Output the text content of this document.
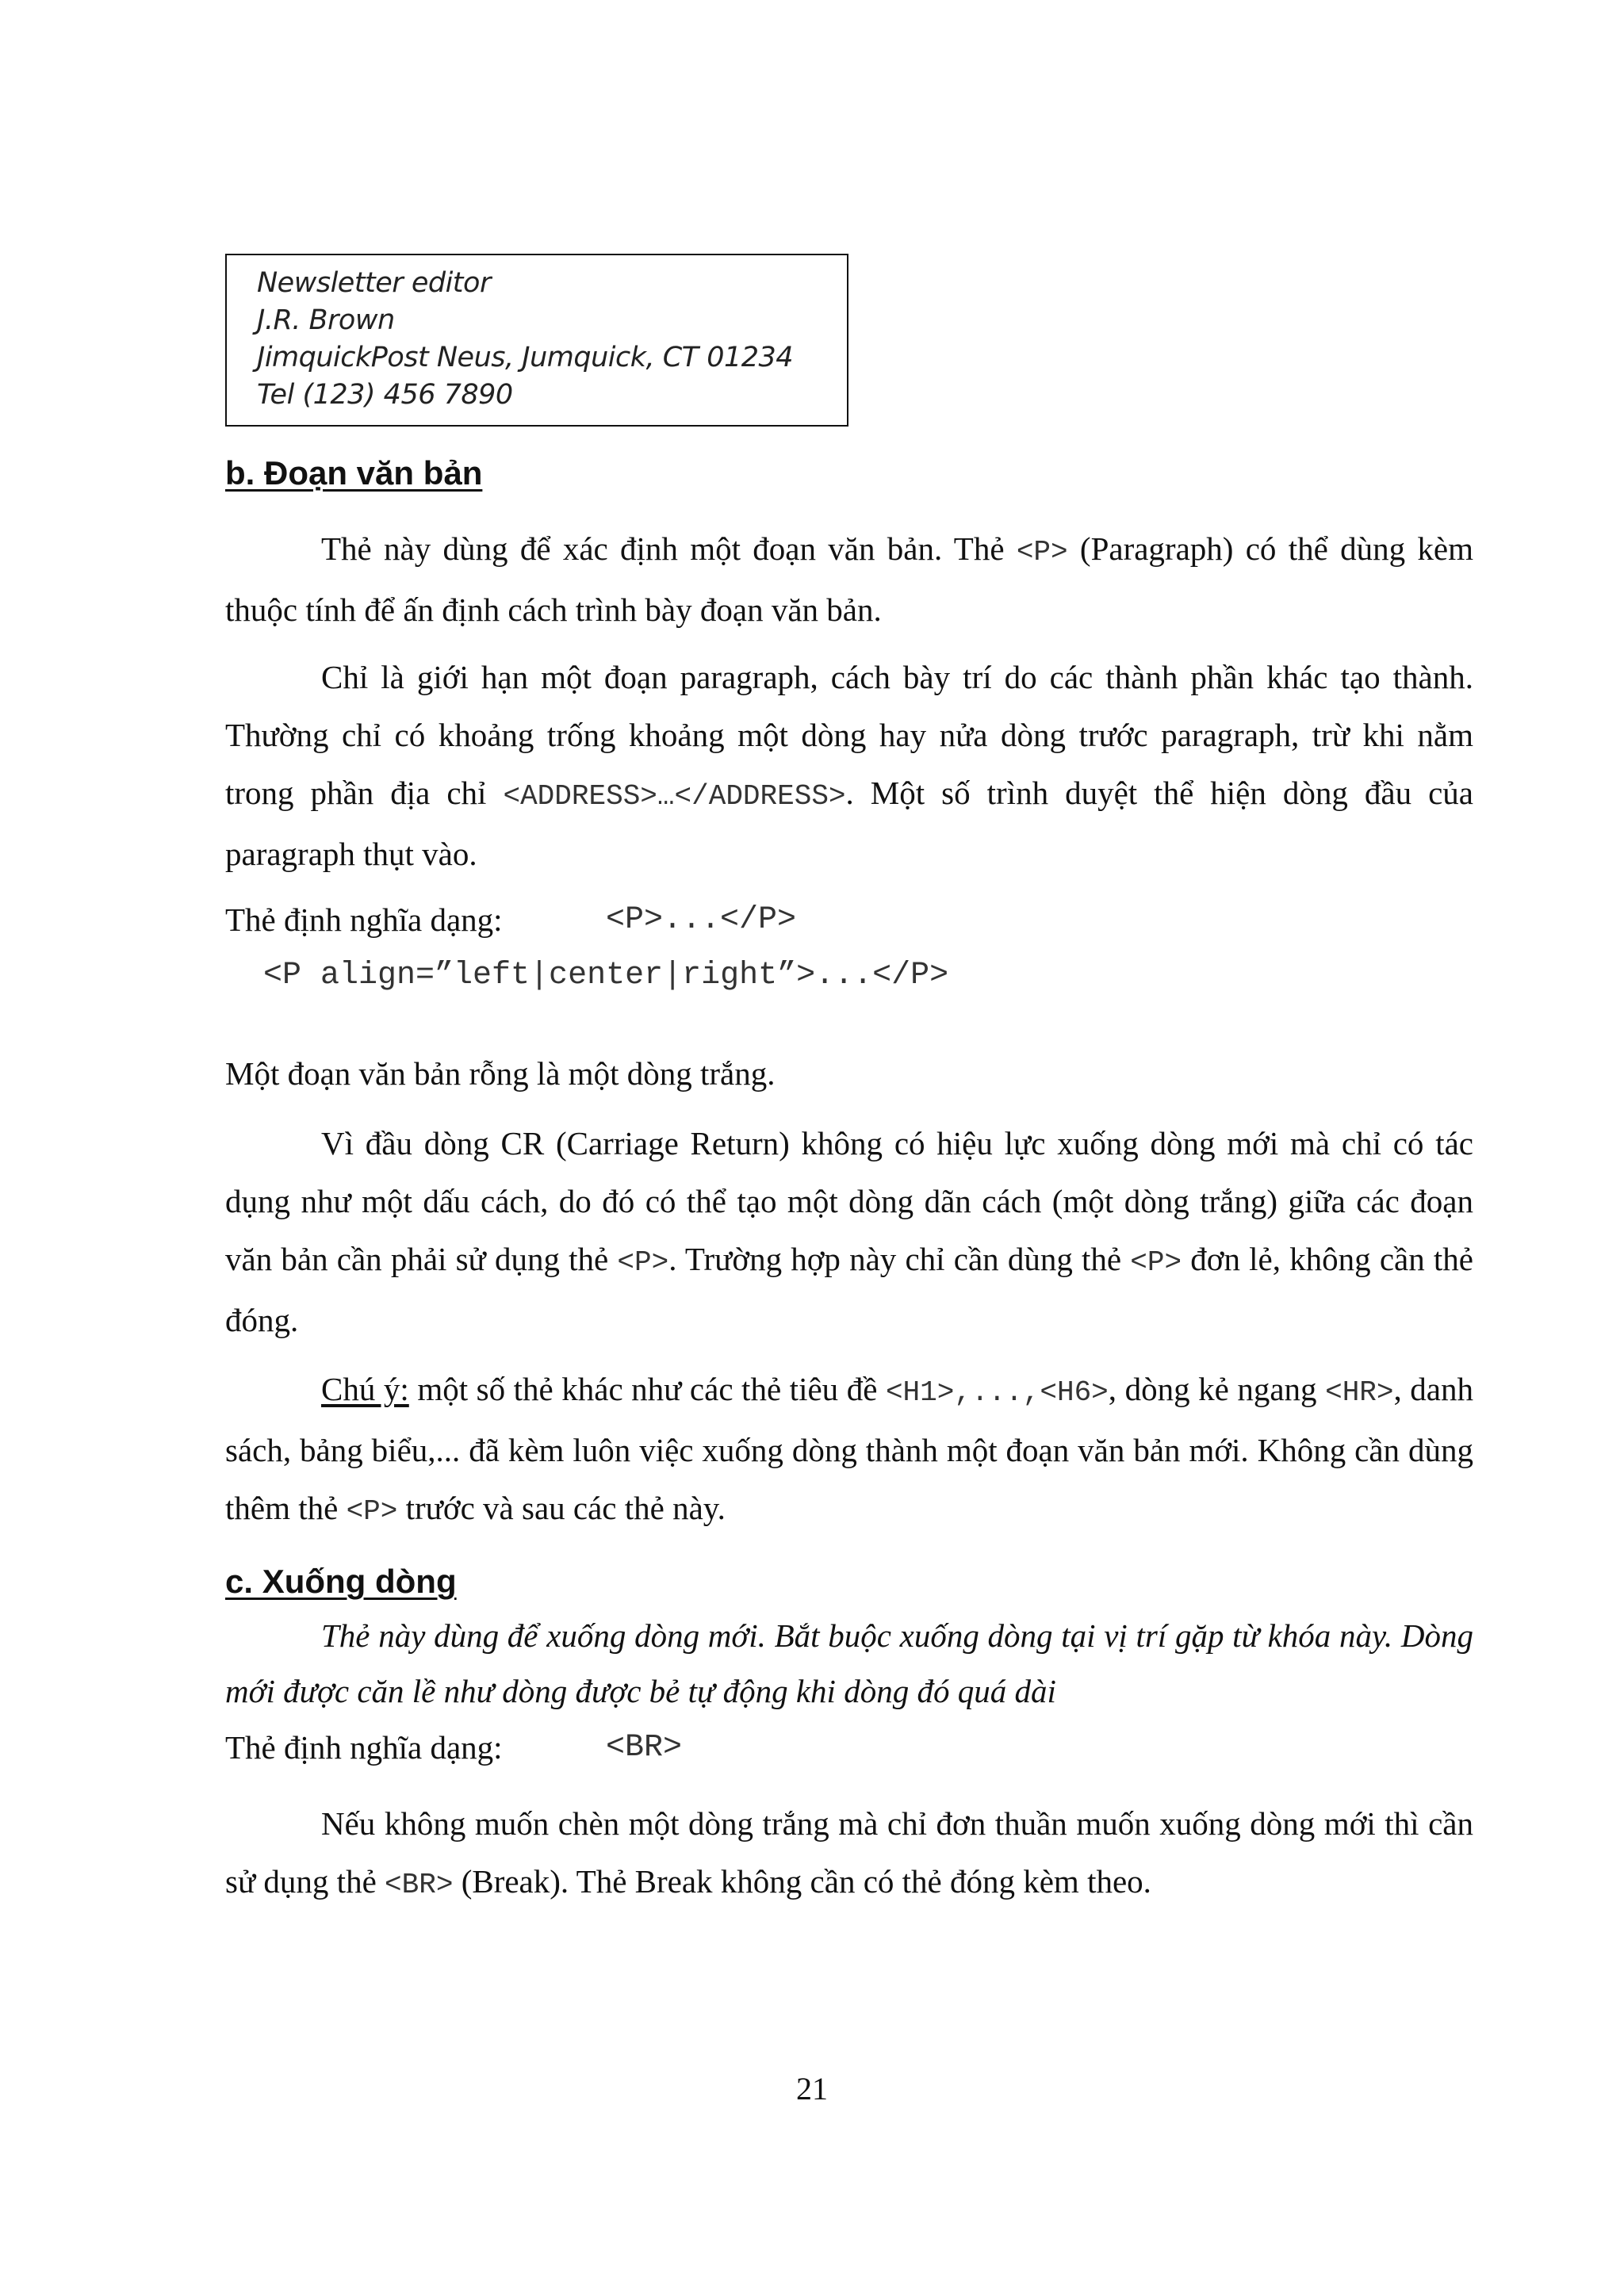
Newsletter editor
J.R. Brown
JimquickPost Neus, Jumquick, CT 01234
Tel (123) 456 7890
b. Đoạn văn bản
Thẻ này dùng để xác định một đoạn văn bản. Thẻ <P> (Paragraph) có thể dùng kèm thuộc tính để ấn định cách trình bày đoạn văn bản.
Chỉ là giới hạn một đoạn paragraph, cách bày trí do các thành phần khác tạo thành. Thường chỉ có khoảng trống khoảng một dòng hay nửa dòng trước paragraph, trừ khi nằm trong phần địa chỉ <ADDRESS>…</ADDRESS>. Một số trình duyệt thể hiện dòng đầu của paragraph thụt vào.
Thẻ định nghĩa dạng:	<P>...</P>
<P align=”left|center|right”>...</P>
Một đoạn văn bản rỗng là một dòng trắng.
Vì đầu dòng CR (Carriage Return) không có hiệu lực xuống dòng mới mà chỉ có tác dụng như một dấu cách, do đó có thể tạo một dòng dãn cách (một dòng trắng) giữa các đoạn văn bản cần phải sử dụng thẻ <P>. Trường hợp này chỉ cần dùng thẻ <P> đơn lẻ, không cần thẻ đóng.
Chú ý: một số thẻ khác như các thẻ tiêu đề <H1>,...,<H6>, dòng kẻ ngang <HR>, danh sách, bảng biểu,... đã kèm luôn việc xuống dòng thành một đoạn văn bản mới. Không cần dùng thêm thẻ <P> trước và sau các thẻ này.
c. Xuống dòng
Thẻ này dùng để xuống dòng mới. Bắt buộc xuống dòng tại vị trí gặp từ khóa này. Dòng mới được căn lề như dòng được bẻ tự động khi dòng đó quá dài
Thẻ định nghĩa dạng:	<BR>
Nếu không muốn chèn một dòng trắng mà chỉ đơn thuần muốn xuống dòng mới thì cần sử dụng thẻ <BR> (Break). Thẻ Break không cần có thẻ đóng kèm theo.
21
